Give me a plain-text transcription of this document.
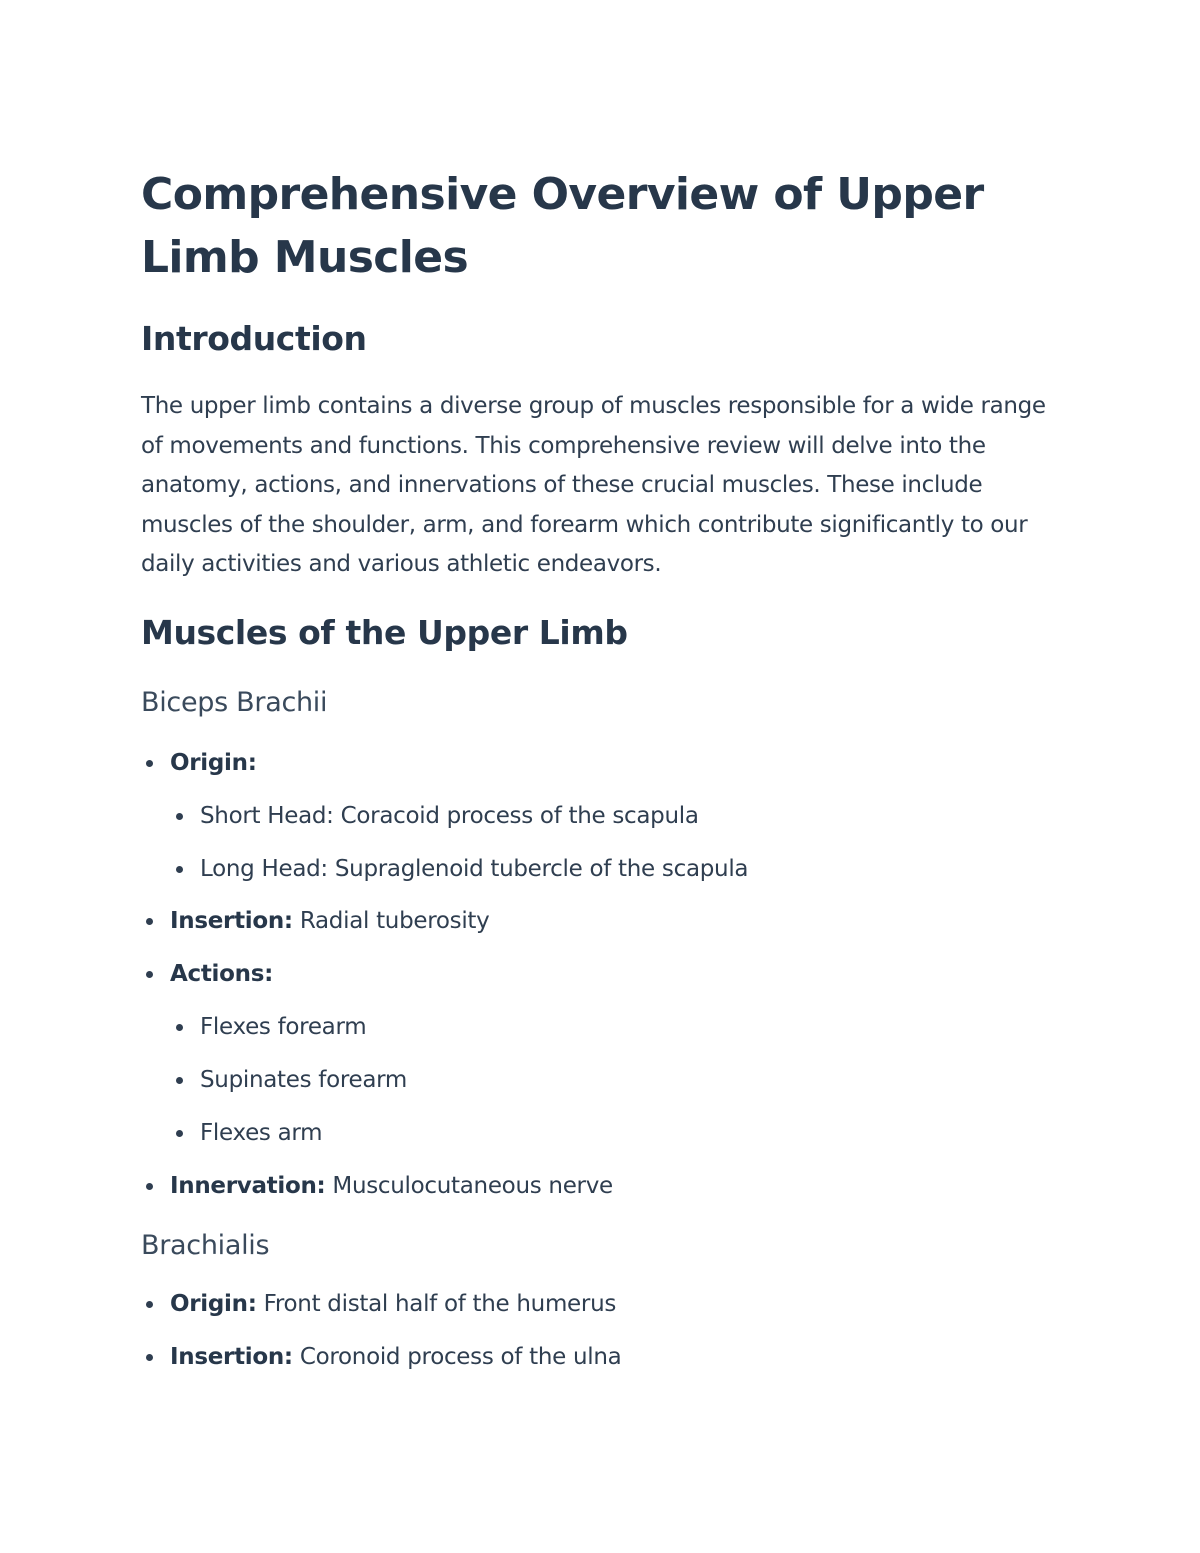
Comprehensive Overview of Upper Limb Muscles
Introduction

The upper limb contains a diverse group of muscles responsible for a wide range of movements and functions. This comprehensive review will delve into the anatomy, actions, and innervations of these crucial muscles. These include muscles of the shoulder, arm, and forearm which contribute significantly to our daily activities and various athletic endeavors.

Muscles of the Upper Limb
Biceps Brachii
Origin:
Short Head: Coracoid process of the scapula
Long Head: Supraglenoid tubercle of the scapula
Insertion: Radial tuberosity
Actions:
Flexes forearm
Supinates forearm
Flexes arm
Innervation: Musculocutaneous nerve
Brachialis
Origin: Front distal half of the humerus
Insertion: Coronoid process of the ulna
